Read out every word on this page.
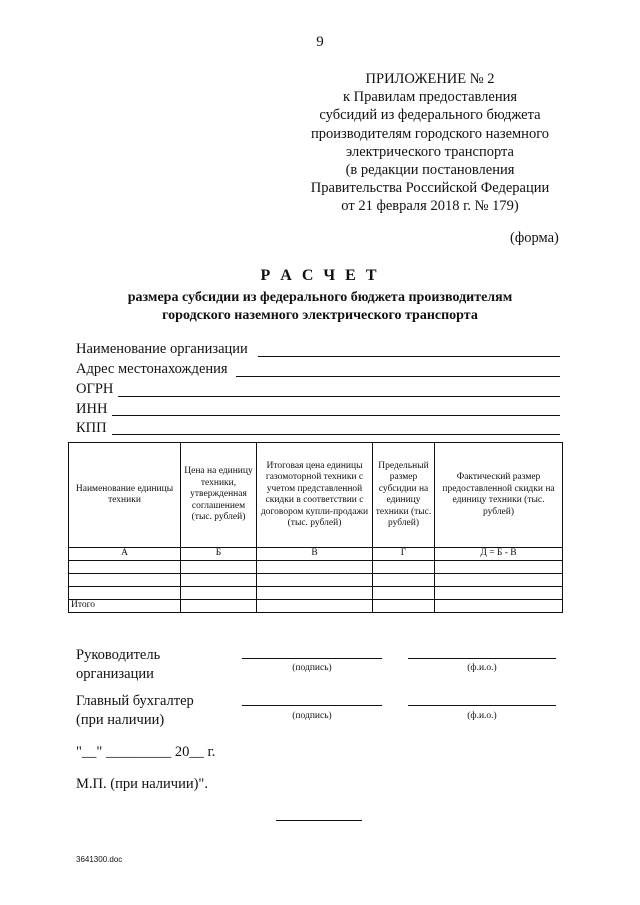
9
ПРИЛОЖЕНИЕ № 2
к Правилам предоставления
субсидий из федерального бюджета
производителям городского наземного
электрического транспорта
(в редакции постановления
Правительства Российской Федерации
от 21 февраля 2018 г. № 179)
(форма)
Р А С Ч Е Т
размера субсидии из федерального бюджета производителям
городского наземного электрического транспорта
Наименование организации
Адрес местонахождения
ОГРН
ИНН
КПП
Наименование единицы техники	Цена на единицу техники, утвержденная соглашением (тыс. рублей)	Итоговая цена единицы газомоторной техники с учетом представленной скидки в соответствии с договором купли-продажи (тыс. рублей)	Предельный размер субсидии на единицу техники (тыс. рублей)	Фактический размер предоставленной скидки на единицу техники (тыс. рублей)
А	Б	В	Г	Д = Б - В

Итого				
Руководитель
организации	(подпись)	(ф.и.о.)
Главный бухгалтер
(при наличии)	(подпись)	(ф.и.о.)
"__" _________ 20__ г.
М.П. (при наличии)".
3641300.doc
